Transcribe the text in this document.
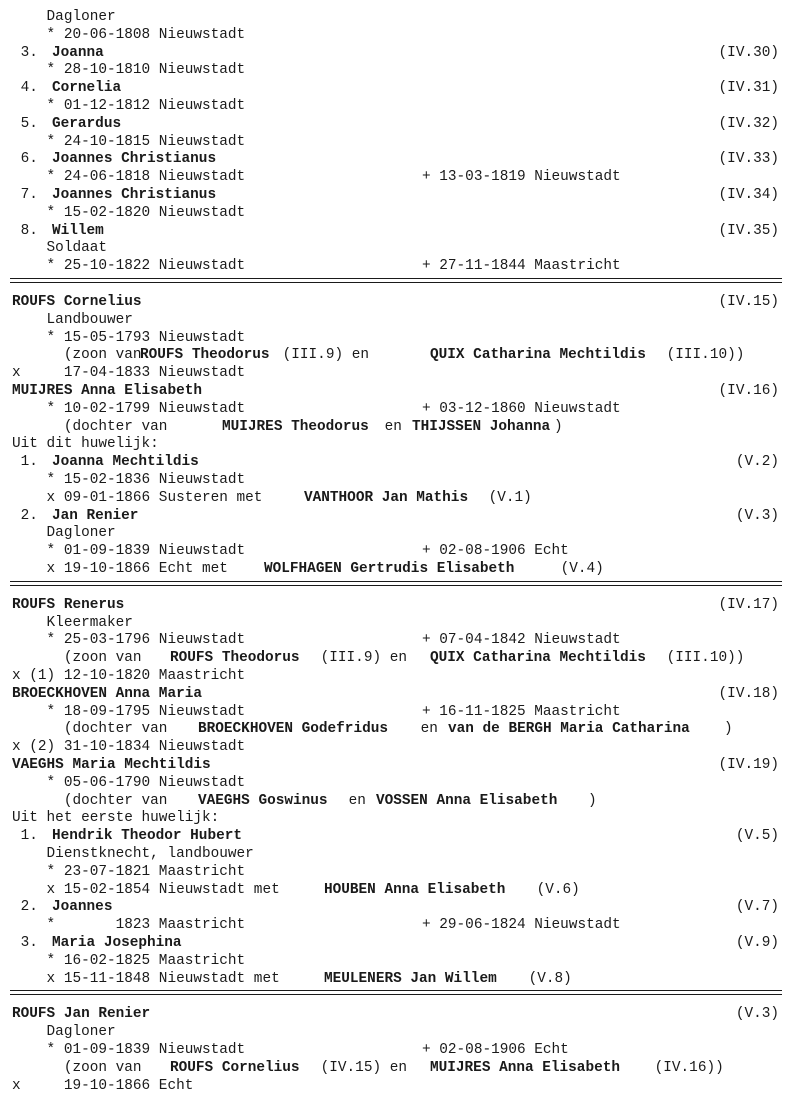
Dagloner
* 20-06-1808 Nieuwstadt
3. Joanna	(IV.30)
* 28-10-1810 Nieuwstadt
4. Cornelia	(IV.31)
* 01-12-1812 Nieuwstadt
5. Gerardus	(IV.32)
* 24-10-1815 Nieuwstadt
6. Joannes Christianus	(IV.33)
* 24-06-1818 Nieuwstadt	+ 13-03-1819 Nieuwstadt
7. Joannes Christianus	(IV.34)
* 15-02-1820 Nieuwstadt
8. Willem	(IV.35)
Soldaat
* 25-10-1822 Nieuwstadt	+ 27-11-1844 Maastricht
ROUFS Cornelius	(IV.15)
Landbouwer
* 15-05-1793 Nieuwstadt
(zoon van
ROUFS Theodorus (III.9) en	QUIX Catharina Mechtildis (III.10))
x     17-04-1833 Nieuwstadt
MUIJRES Anna Elisabeth	(IV.16)
* 10-02-1799 Nieuwstadt	+ 03-12-1860 Nieuwstadt
(dochter van	MUIJRES Theodorus en THIJSSEN Johanna )
Uit dit huwelijk:
1. Joanna Mechtildis	(V.2)
* 15-02-1836 Nieuwstadt
x 09-01-1866 Susteren met VANTHOOR Jan Mathis (V.1)
2. Jan Renier	(V.3)
Dagloner
* 01-09-1839 Nieuwstadt	+ 02-08-1906 Echt
x 19-10-1866 Echt met WOLFHAGEN Gertrudis Elisabeth	(V.4)
ROUFS Renerus	(IV.17)
Kleermaker
* 25-03-1796 Nieuwstadt	+ 07-04-1842 Nieuwstadt
(zoon van ROUFS Theodorus (III.9) en QUIX Catharina Mechtildis (III.10))
x (1) 12-10-1820 Maastricht
BROECKHOVEN Anna Maria	(IV.18)
* 18-09-1795 Nieuwstadt	+ 16-11-1825 Maastricht
(dochter van BROECKHOVEN Godefridus en van de BERGH Maria Catharina )
x (2) 31-10-1834 Nieuwstadt
VAEGHS Maria Mechtildis	(IV.19)
* 05-06-1790 Nieuwstadt
(dochter van VAEGHS Goswinus en VOSSEN Anna Elisabeth )
Uit het eerste huwelijk:
1. Hendrik Theodor Hubert	(V.5)
Dienstknecht, landbouwer
* 23-07-1821 Maastricht
x 15-02-1854 Nieuwstadt met HOUBEN Anna Elisabeth (V.6)
2. Joannes	(V.7)
*       1823 Maastricht	+ 29-06-1824 Nieuwstadt
3. Maria Josephina	(V.9)
* 16-02-1825 Maastricht
x 15-11-1848 Nieuwstadt met MEULENERS Jan Willem (V.8)
ROUFS Jan Renier	(V.3)
Dagloner
* 01-09-1839 Nieuwstadt	+ 02-08-1906 Echt
(zoon van ROUFS Cornelius (IV.15) en MUIJRES Anna Elisabeth (IV.16))
x     19-10-1866 Echt
